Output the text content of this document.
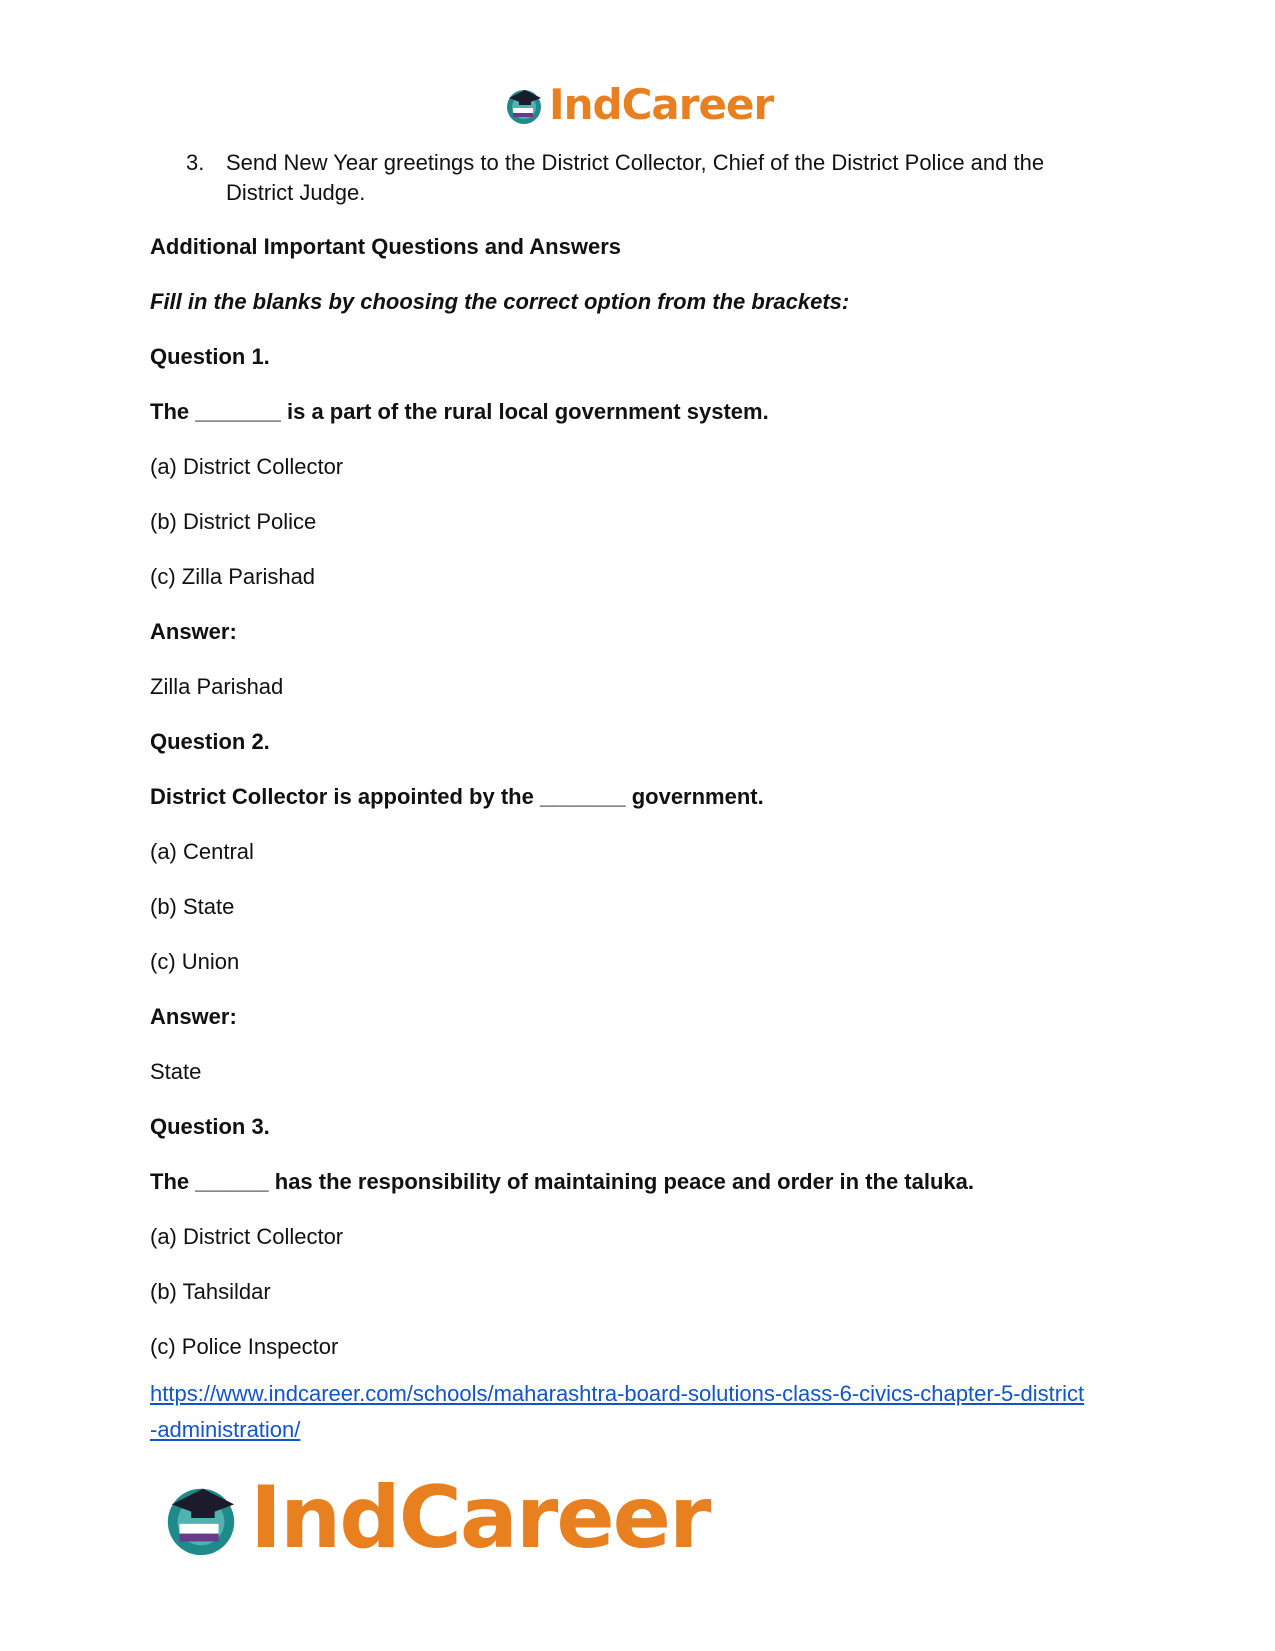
IndCareer
3. Send New Year greetings to the District Collector, Chief of the District Police and the
District Judge.

Additional Important Questions and Answers

Fill in the blanks by choosing the correct option from the brackets:

Question 1.

The _______ is a part of the rural local government system.

(a) District Collector

(b) District Police

(c) Zilla Parishad

Answer:

Zilla Parishad

Question 2.

District Collector is appointed by the _______ government.

(a) Central

(b) State

(c) Union

Answer:

State

Question 3.

The ______ has the responsibility of maintaining peace and order in the taluka.

(a) District Collector

(b) Tahsildar

(c) Police Inspector

https://www.indcareer.com/schools/maharashtra-board-solutions-class-6-civics-chapter-5-district
-administration/
IndCareer
